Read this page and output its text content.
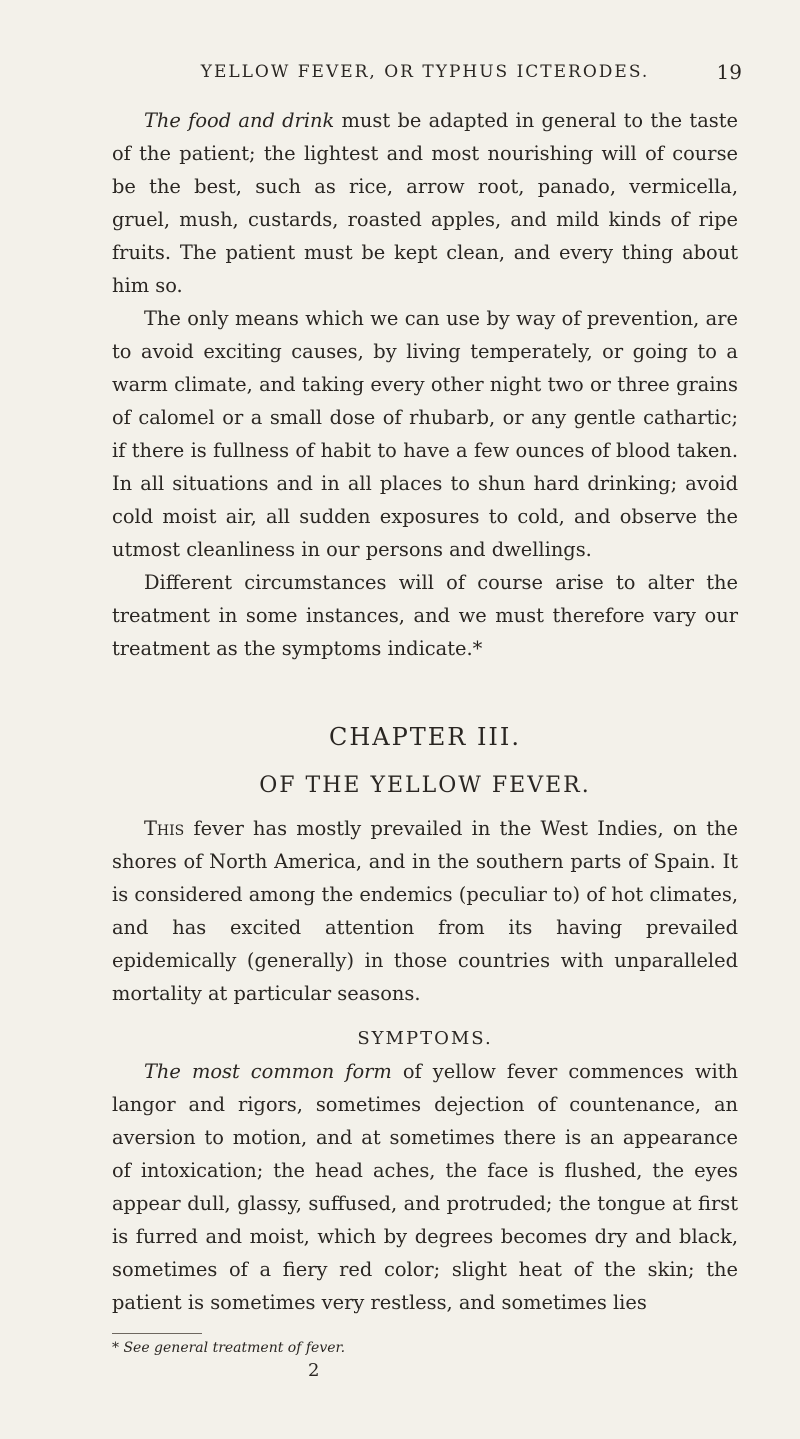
YELLOW FEVER, OR TYPHUS ICTERODES.	19

The food and drink must be adapted in general to the taste of the patient; the lightest and most nourishing will of course be the best, such as rice, arrow root, panado, vermicella, gruel, mush, custards, roasted apples, and mild kinds of ripe fruits. The patient must be kept clean, and every thing about him so.

The only means which we can use by way of prevention, are to avoid exciting causes, by living temperately, or going to a warm climate, and taking every other night two or three grains of calomel or a small dose of rhubarb, or any gentle cathartic; if there is fullness of habit to have a few ounces of blood taken. In all situations and in all places to shun hard drinking; avoid cold moist air, all sudden exposures to cold, and observe the utmost cleanliness in our persons and dwellings.

Different circumstances will of course arise to alter the treatment in some instances, and we must therefore vary our treatment as the symptoms indicate.*

CHAPTER III.
OF THE YELLOW FEVER.

This fever has mostly prevailed in the West Indies, on the shores of North America, and in the southern parts of Spain. It is considered among the endemics (peculiar to) of hot climates, and has excited attention from its having prevailed epidemically (generally) in those countries with unparalleled mortality at particular seasons.

SYMPTOMS.

The most common form of yellow fever commences with langor and rigors, sometimes dejection of countenance, an aversion to motion, and at sometimes there is an appearance of intoxication; the head aches, the face is flushed, the eyes appear dull, glassy, suffused, and protruded; the tongue at first is furred and moist, which by degrees becomes dry and black, sometimes of a fiery red color; slight heat of the skin; the patient is sometimes very restless, and sometimes lies

* See general treatment of fever.
2
